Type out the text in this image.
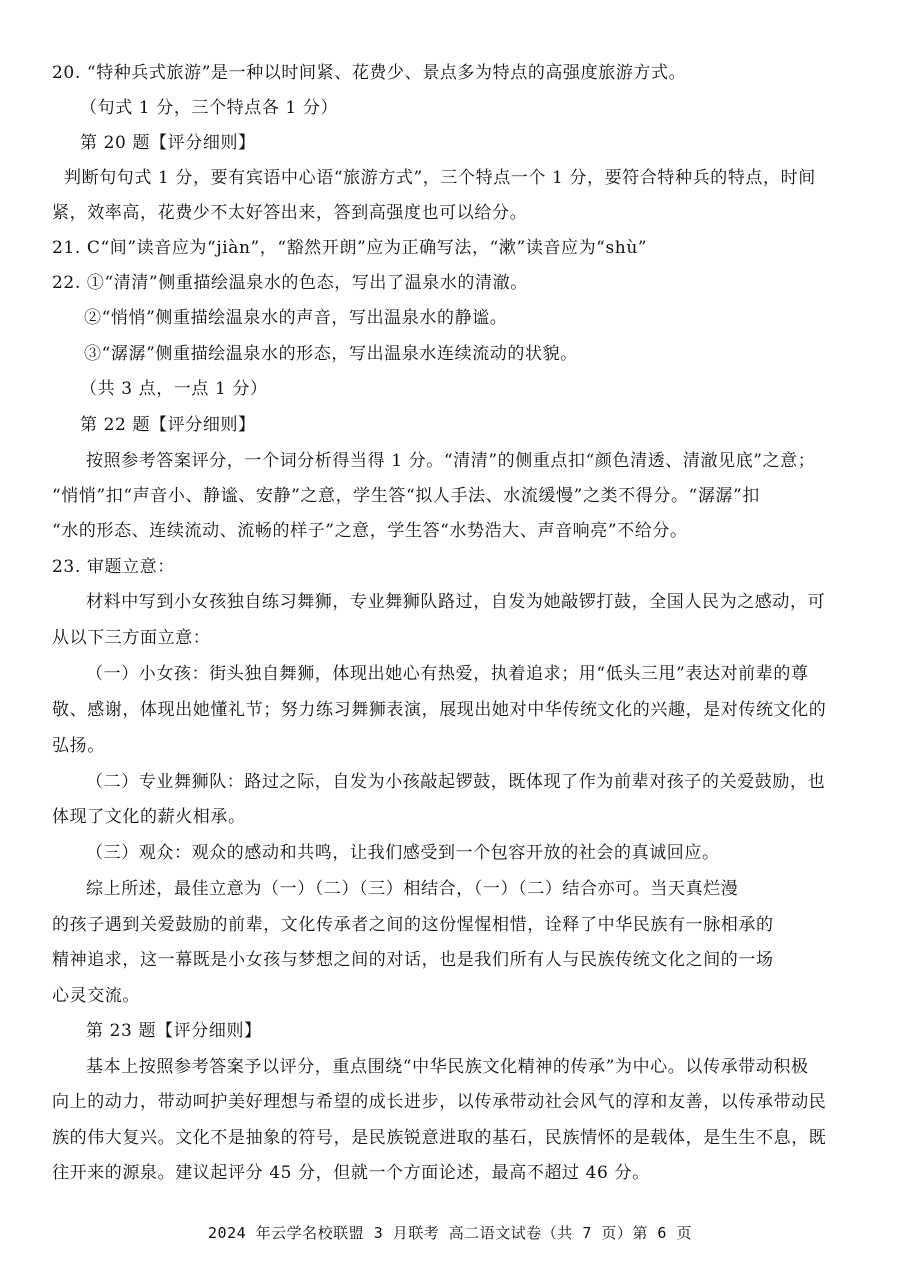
20. “特种兵式旅游”是一种以时间紧、花费少、景点多为特点的高强度旅游方式。
（句式 1 分，三个特点各 1 分）
第 20 题【评分细则】
判断句句式 1 分，要有宾语中心语“旅游方式”，三个特点一个 1 分，要符合特种兵的特点，时间
紧，效率高，花费少不太好答出来，答到高强度也可以给分。
21. C“间”读音应为“jiàn”，“豁然开朗”应为正确写法，“漱”读音应为“shù”
22. ①“清清”侧重描绘温泉水的色态，写出了温泉水的清澈。
②“悄悄”侧重描绘温泉水的声音，写出温泉水的静谧。
③“潺潺”侧重描绘温泉水的形态，写出温泉水连续流动的状貌。
（共 3 点，一点 1 分）
第 22 题【评分细则】
按照参考答案评分，一个词分析得当得 1 分。“清清”的侧重点扣“颜色清透、清澈见底”之意；
“悄悄”扣“声音小、静谧、安静”之意，学生答“拟人手法、水流缓慢”之类不得分。“潺潺”扣
“水的形态、连续流动、流畅的样子”之意，学生答“水势浩大、声音响亮”不给分。
23. 审题立意：
材料中写到小女孩独自练习舞狮，专业舞狮队路过，自发为她敲锣打鼓，全国人民为之感动，可
从以下三方面立意：
（一）小女孩：街头独自舞狮，体现出她心有热爱，执着追求；用“低头三甩”表达对前辈的尊
敬、感谢，体现出她懂礼节；努力练习舞狮表演，展现出她对中华传统文化的兴趣，是对传统文化的
弘扬。
（二）专业舞狮队：路过之际，自发为小孩敲起锣鼓，既体现了作为前辈对孩子的关爱鼓励，也
体现了文化的薪火相承。
（三）观众：观众的感动和共鸣，让我们感受到一个包容开放的社会的真诚回应。
综上所述，最佳立意为（一）（二）（三）相结合，（一）（二）结合亦可。当天真烂漫
的孩子遇到关爱鼓励的前辈，文化传承者之间的这份惺惺相惜，诠释了中华民族有一脉相承的
精神追求，这一幕既是小女孩与梦想之间的对话，也是我们所有人与民族传统文化之间的一场
心灵交流。
第 23 题【评分细则】
基本上按照参考答案予以评分，重点围绕“中华民族文化精神的传承”为中心。以传承带动积极
向上的动力，带动呵护美好理想与希望的成长进步，以传承带动社会风气的淳和友善，以传承带动民
族的伟大复兴。文化不是抽象的符号，是民族锐意进取的基石，民族情怀的是载体，是生生不息，既
往开来的源泉。建议起评分 45 分，但就一个方面论述，最高不超过 46 分。
2024 年云学名校联盟 3 月联考 高二语文试卷（共 7 页）第 6 页
